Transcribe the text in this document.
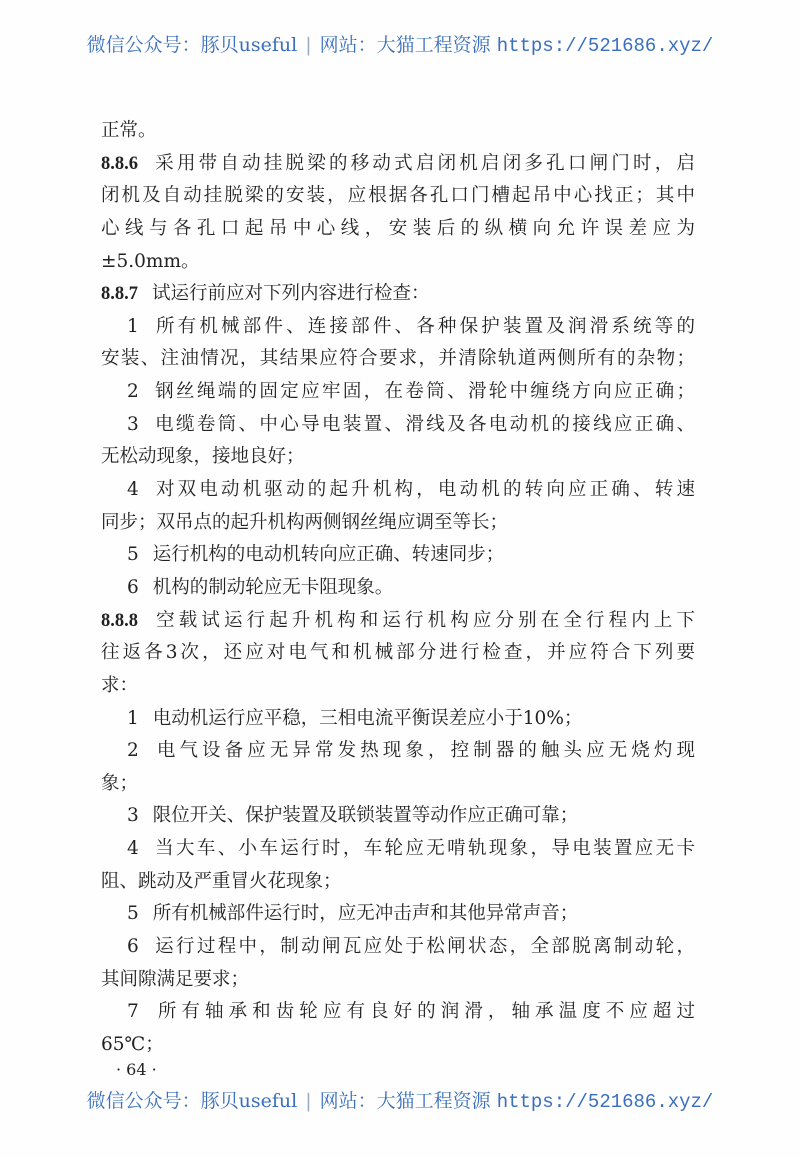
微信公众号：豚贝useful | 网站：大猫工程资源 https://521686.xyz/
正常。
8.8.6 采用带自动挂脱梁的移动式启闭机启闭多孔口闸门时，启
闭机及自动挂脱梁的安装，应根据各孔口门槽起吊中心找正；其中
心线与各孔口起吊中心线，安装后的纵横向允许误差应为
±5.0mm。
8.8.7 试运行前应对下列内容进行检查：
1 所有机械部件、连接部件、各种保护装置及润滑系统等的
安装、注油情况，其结果应符合要求，并清除轨道两侧所有的杂物；
2 钢丝绳端的固定应牢固，在卷筒、滑轮中缠绕方向应正确；
3 电缆卷筒、中心导电装置、滑线及各电动机的接线应正确、
无松动现象，接地良好；
4 对双电动机驱动的起升机构，电动机的转向应正确、转速
同步；双吊点的起升机构两侧钢丝绳应调至等长；
5 运行机构的电动机转向应正确、转速同步；
6 机构的制动轮应无卡阻现象。
8.8.8 空载试运行起升机构和运行机构应分别在全行程内上下
往返各3次，还应对电气和机械部分进行检查，并应符合下列要
求：
1 电动机运行应平稳，三相电流平衡误差应小于10%；
2 电气设备应无异常发热现象，控制器的触头应无烧灼现
象；
3 限位开关、保护装置及联锁装置等动作应正确可靠；
4 当大车、小车运行时，车轮应无啃轨现象，导电装置应无卡
阻、跳动及严重冒火花现象；
5 所有机械部件运行时，应无冲击声和其他异常声音；
6 运行过程中，制动闸瓦应处于松闸状态，全部脱离制动轮，
其间隙满足要求；
7 所有轴承和齿轮应有良好的润滑，轴承温度不应超过
65℃；
· 64 ·
微信公众号：豚贝useful | 网站：大猫工程资源 https://521686.xyz/
